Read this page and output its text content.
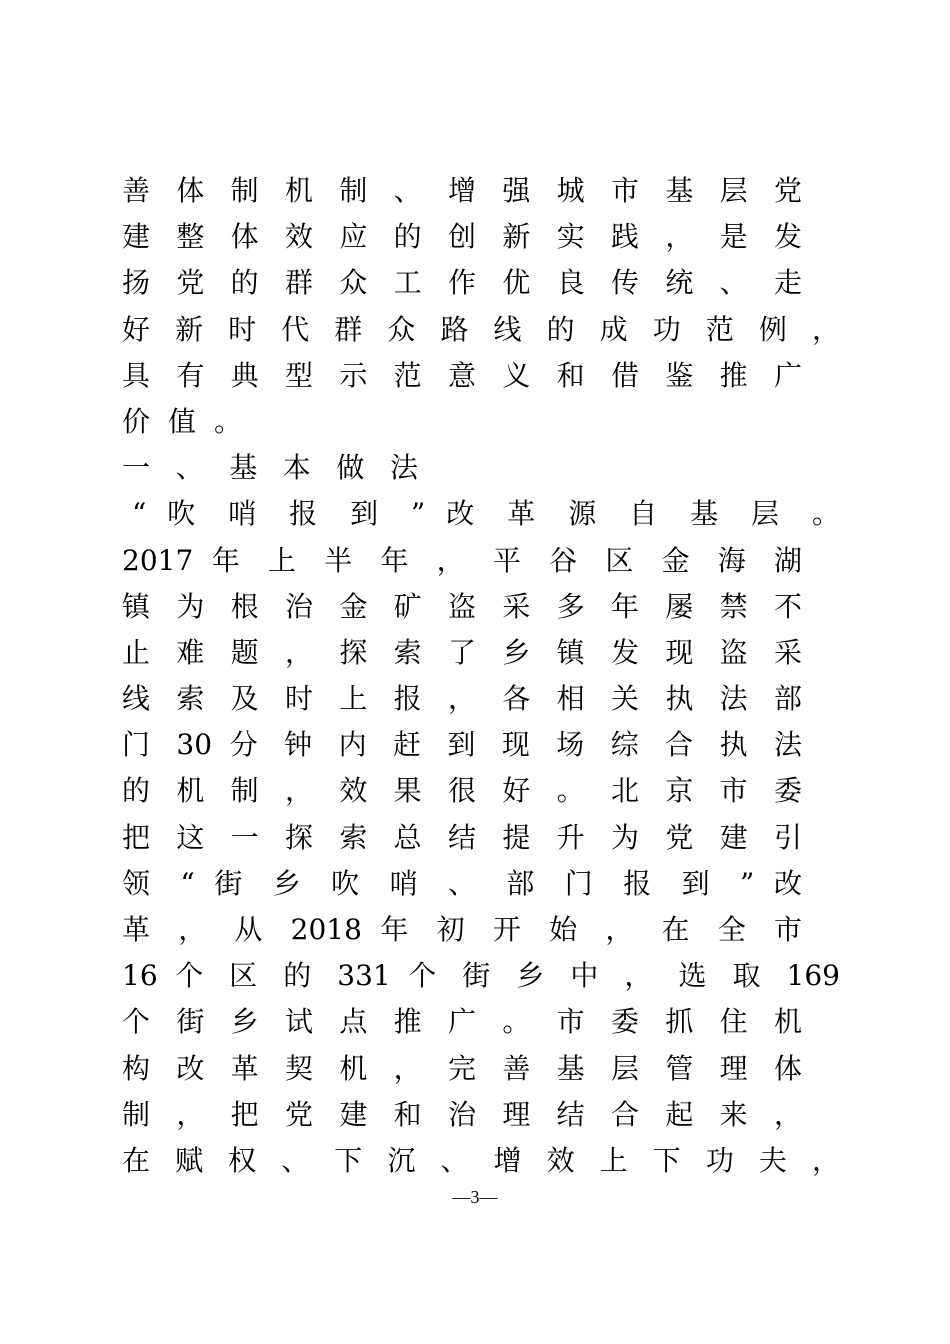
善 体 制 机 制 、 增 强 城 市 基 层 党
建 整 体 效 应 的 创 新 实 践 ， 是 发
扬 党 的 群 众 工 作 优 良 传 统 、 走
好 新 时 代 群 众 路 线 的 成 功 范 例 ，
具 有 典 型 示 范 意 义 和 借 鉴 推 广
价 值 。
一 、 基 本 做 法
“ 吹 哨 报 到 ” 改 革 源 自 基 层 。
2017 年 上 半 年 ， 平 谷 区 金 海 湖
镇 为 根 治 金 矿 盗 采 多 年 屡 禁 不
止 难 题 ， 探 索 了 乡 镇 发 现 盗 采
线 索 及 时 上 报 ， 各 相 关 执 法 部
门 30 分 钟 内 赶 到 现 场 综 合 执 法
的 机 制 ， 效 果 很 好 。 北 京 市 委
把 这 一 探 索 总 结 提 升 为 党 建 引
领 “ 街 乡 吹 哨 、 部 门 报 到 ” 改
革 ， 从 2018 年 初 开 始 ， 在 全 市
16 个 区 的 331 个 街 乡 中 ， 选 取 169
个 街 乡 试 点 推 广 。 市 委 抓 住 机
构 改 革 契 机 ， 完 善 基 层 管 理 体
制 ， 把 党 建 和 治 理 结 合 起 来 ，
在 赋 权 、 下 沉 、 增 效 上 下 功 夫 ，
—3—
